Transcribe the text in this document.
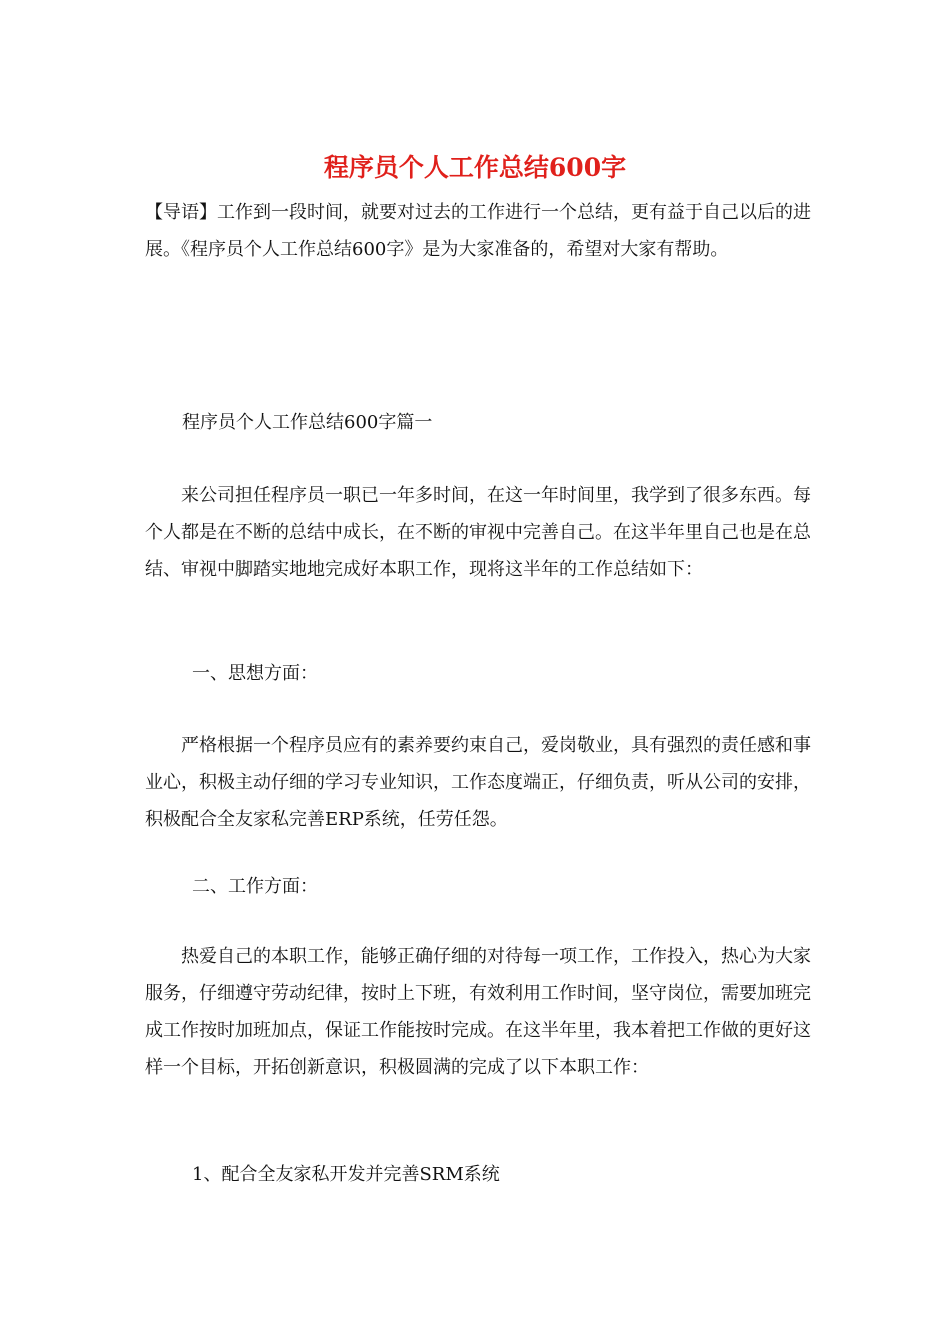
程序员个人工作总结600字

【导语】工作到一段时间，就要对过去的工作进行一个总结，更有益于自己以后的进展。《程序员个人工作总结600字》是为大家准备的，希望对大家有帮助。

程序员个人工作总结600字篇一

来公司担任程序员一职已一年多时间，在这一年时间里，我学到了很多东西。每个人都是在不断的总结中成长，在不断的审视中完善自己。在这半年里自己也是在总结、审视中脚踏实地地完成好本职工作，现将这半年的工作总结如下：

一、思想方面：

严格根据一个程序员应有的素养要约束自己，爱岗敬业，具有强烈的责任感和事业心，积极主动仔细的学习专业知识，工作态度端正，仔细负责，听从公司的安排，积极配合全友家私完善ERP系统，任劳任怨。

二、工作方面：

热爱自己的本职工作，能够正确仔细的对待每一项工作，工作投入，热心为大家服务，仔细遵守劳动纪律，按时上下班，有效利用工作时间，坚守岗位，需要加班完成工作按时加班加点，保证工作能按时完成。在这半年里，我本着把工作做的更好这样一个目标，开拓创新意识，积极圆满的完成了以下本职工作：

1、配合全友家私开发并完善SRM系统
